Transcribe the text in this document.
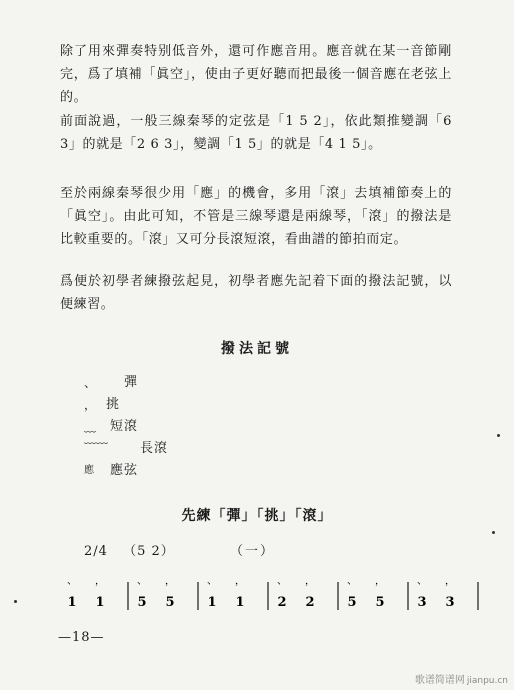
除了用來彈奏特别低音外，還可作應音用。應音就在某一音節剛完，爲了填補「眞空」，使由子更好聽而把最後一個音應在老弦上的。

前面說過，一般三線秦琴的定弦是「1 5 2」，依此類推變調「6 3」的就是「2 6 3」，變調「1 5」的就是「4 1 5」。

至於兩線秦琴很少用「應」的機會，多用「滾」去填補節奏上的「眞空」。由此可知，不管是三線琴還是兩線琴，「滾」的撥法是比較重要的。「滾」又可分長滾短滾，看曲譜的節拍而定。

爲便於初學者練撥弦起見，初學者應先記着下面的撥法記號，以便練習。

撥法記號
、 彈
， 挑
﹏ 短滾
﹋﹋ 長滾
應 應弦
先練「彈」「挑」「滾」
2/4 （5 2）	（一）
、
1
，
1
、
5
，
5
、
1
，
1
、
2
，
2
、
5
，
5
、
3
，
3
—18—
歌谱简谱网 jianpu.cn
